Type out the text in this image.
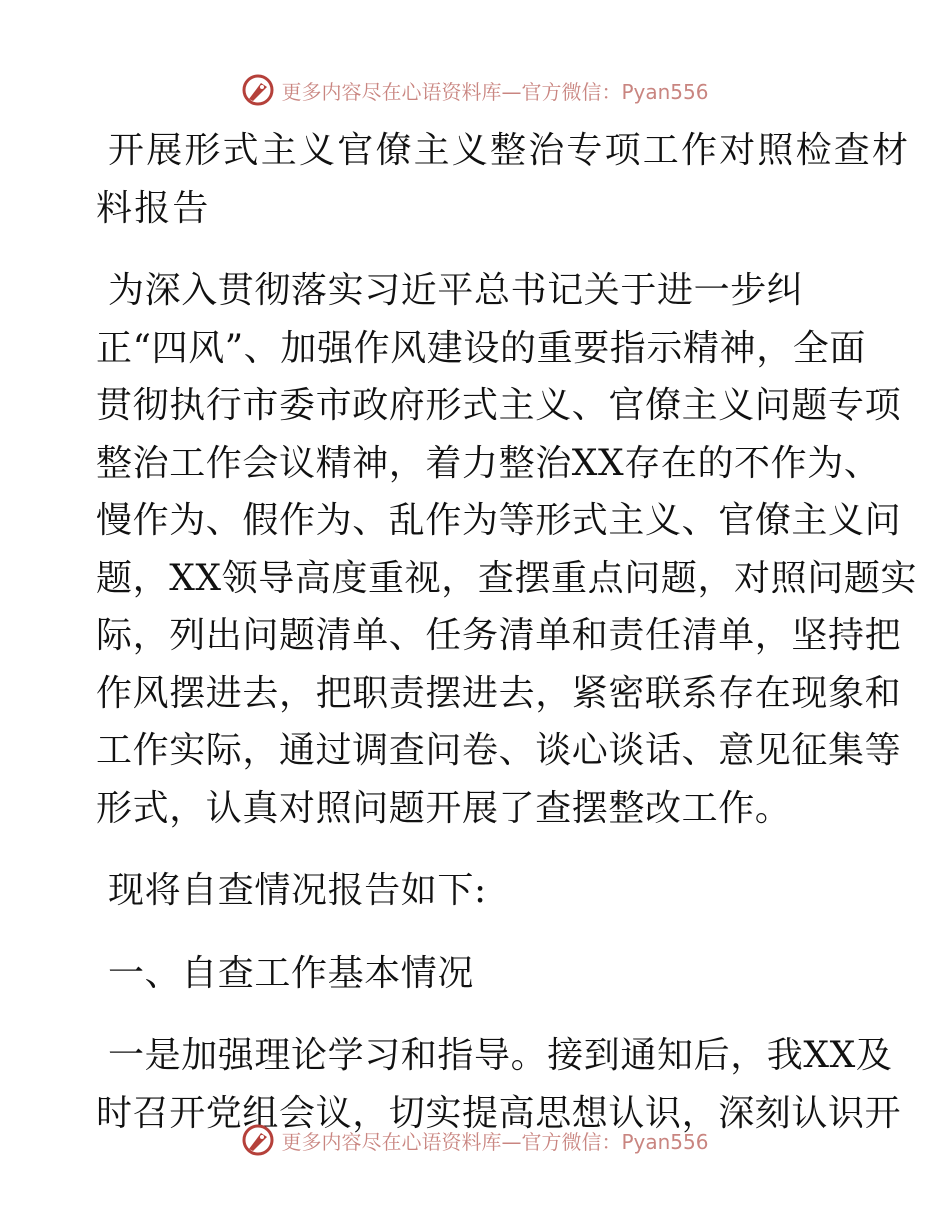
更多内容尽在心语资料库—官方微信：Pyan556
开展形式主义官僚主义整治专项工作对照检查材
料报告
为深入贯彻落实习近平总书记关于进一步纠
正“四风”、加强作风建设的重要指示精神，全面
贯彻执行市委市政府形式主义、官僚主义问题专项
整治工作会议精神，着力整治XX存在的不作为、
慢作为、假作为、乱作为等形式主义、官僚主义问
题，XX领导高度重视，查摆重点问题，对照问题实
际，列出问题清单、任务清单和责任清单，坚持把
作风摆进去，把职责摆进去，紧密联系存在现象和
工作实际，通过调查问卷、谈心谈话、意见征集等
形式，认真对照问题开展了查摆整改工作。
现将自查情况报告如下:
一、自查工作基本情况
一是加强理论学习和指导。接到通知后，我XX及
时召开党组会议，切实提高思想认识，深刻认识开
更多内容尽在心语资料库—官方微信：Pyan556
